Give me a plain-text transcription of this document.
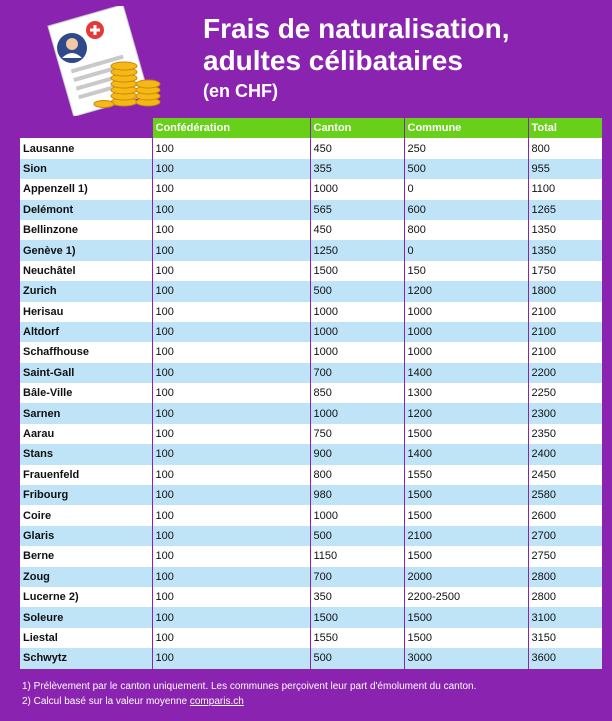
Frais de naturalisation,
adultes célibataires
(en CHF)
	Confédération	Canton	Commune	Total
Lausanne	100	450	250	800
Sion	100	355	500	955
Appenzell 1)	100	1000	0	1100
Delémont	100	565	600	1265
Bellinzone	100	450	800	1350
Genève 1)	100	1250	0	1350
Neuchâtel	100	1500	150	1750
Zurich	100	500	1200	1800
Herisau	100	1000	1000	2100
Altdorf	100	1000	1000	2100
Schaffhouse	100	1000	1000	2100
Saint-Gall	100	700	1400	2200
Bâle-Ville	100	850	1300	2250
Sarnen	100	1000	1200	2300
Aarau	100	750	1500	2350
Stans	100	900	1400	2400
Frauenfeld	100	800	1550	2450
Fribourg	100	980	1500	2580
Coire	100	1000	1500	2600
Glaris	100	500	2100	2700
Berne	100	1150	1500	2750
Zoug	100	700	2000	2800
Lucerne 2)	100	350	2200-2500	2800
Soleure	100	1500	1500	3100
Liestal	100	1550	1500	3150
Schwytz	100	500	3000	3600
1) Prélèvement par le canton uniquement. Les communes perçoivent leur part d'émolument du canton.
2) Calcul basé sur la valeur moyenne comparis.ch
